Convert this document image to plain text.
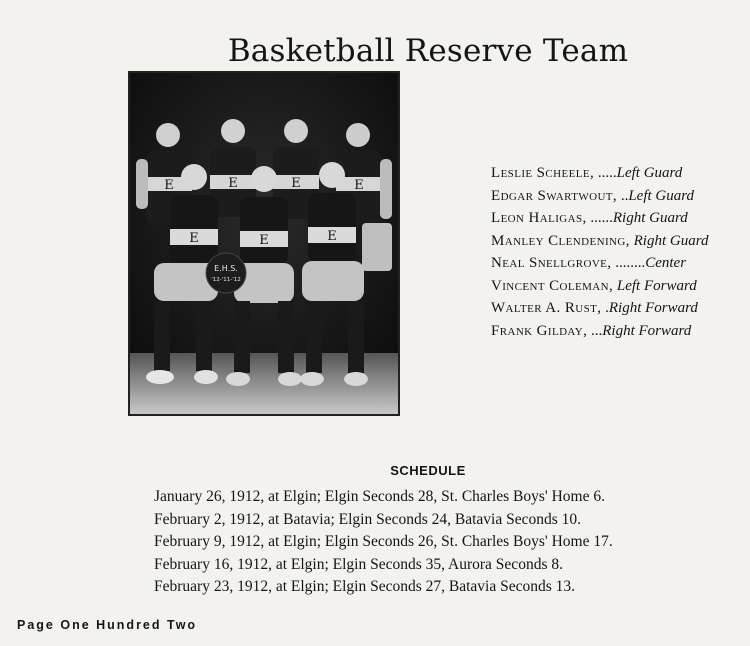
Basketball Reserve Team
E	E	E	E
E	E	E
E.H.S.
'12-'11-'12
Leslie Scheele, .....Left Guard
Edgar Swartwout, ..Left Guard
Leon Haligas, ......Right Guard
Manley Clendening, Right Guard
Neal Snellgrove, ........Center
Vincent Coleman, Left Forward
Walter A. Rust, .Right Forward
Frank Gilday, ...Right Forward
SCHEDULE
January 26, 1912, at Elgin; Elgin Seconds 28, St. Charles Boys' Home 6.
February 2, 1912, at Batavia; Elgin Seconds 24, Batavia Seconds 10.
February 9, 1912, at Elgin; Elgin Seconds 26, St. Charles Boys' Home 17.
February 16, 1912, at Elgin; Elgin Seconds 35, Aurora Seconds 8.
February 23, 1912, at Elgin; Elgin Seconds 27, Batavia Seconds 13.
Page One Hundred Two
